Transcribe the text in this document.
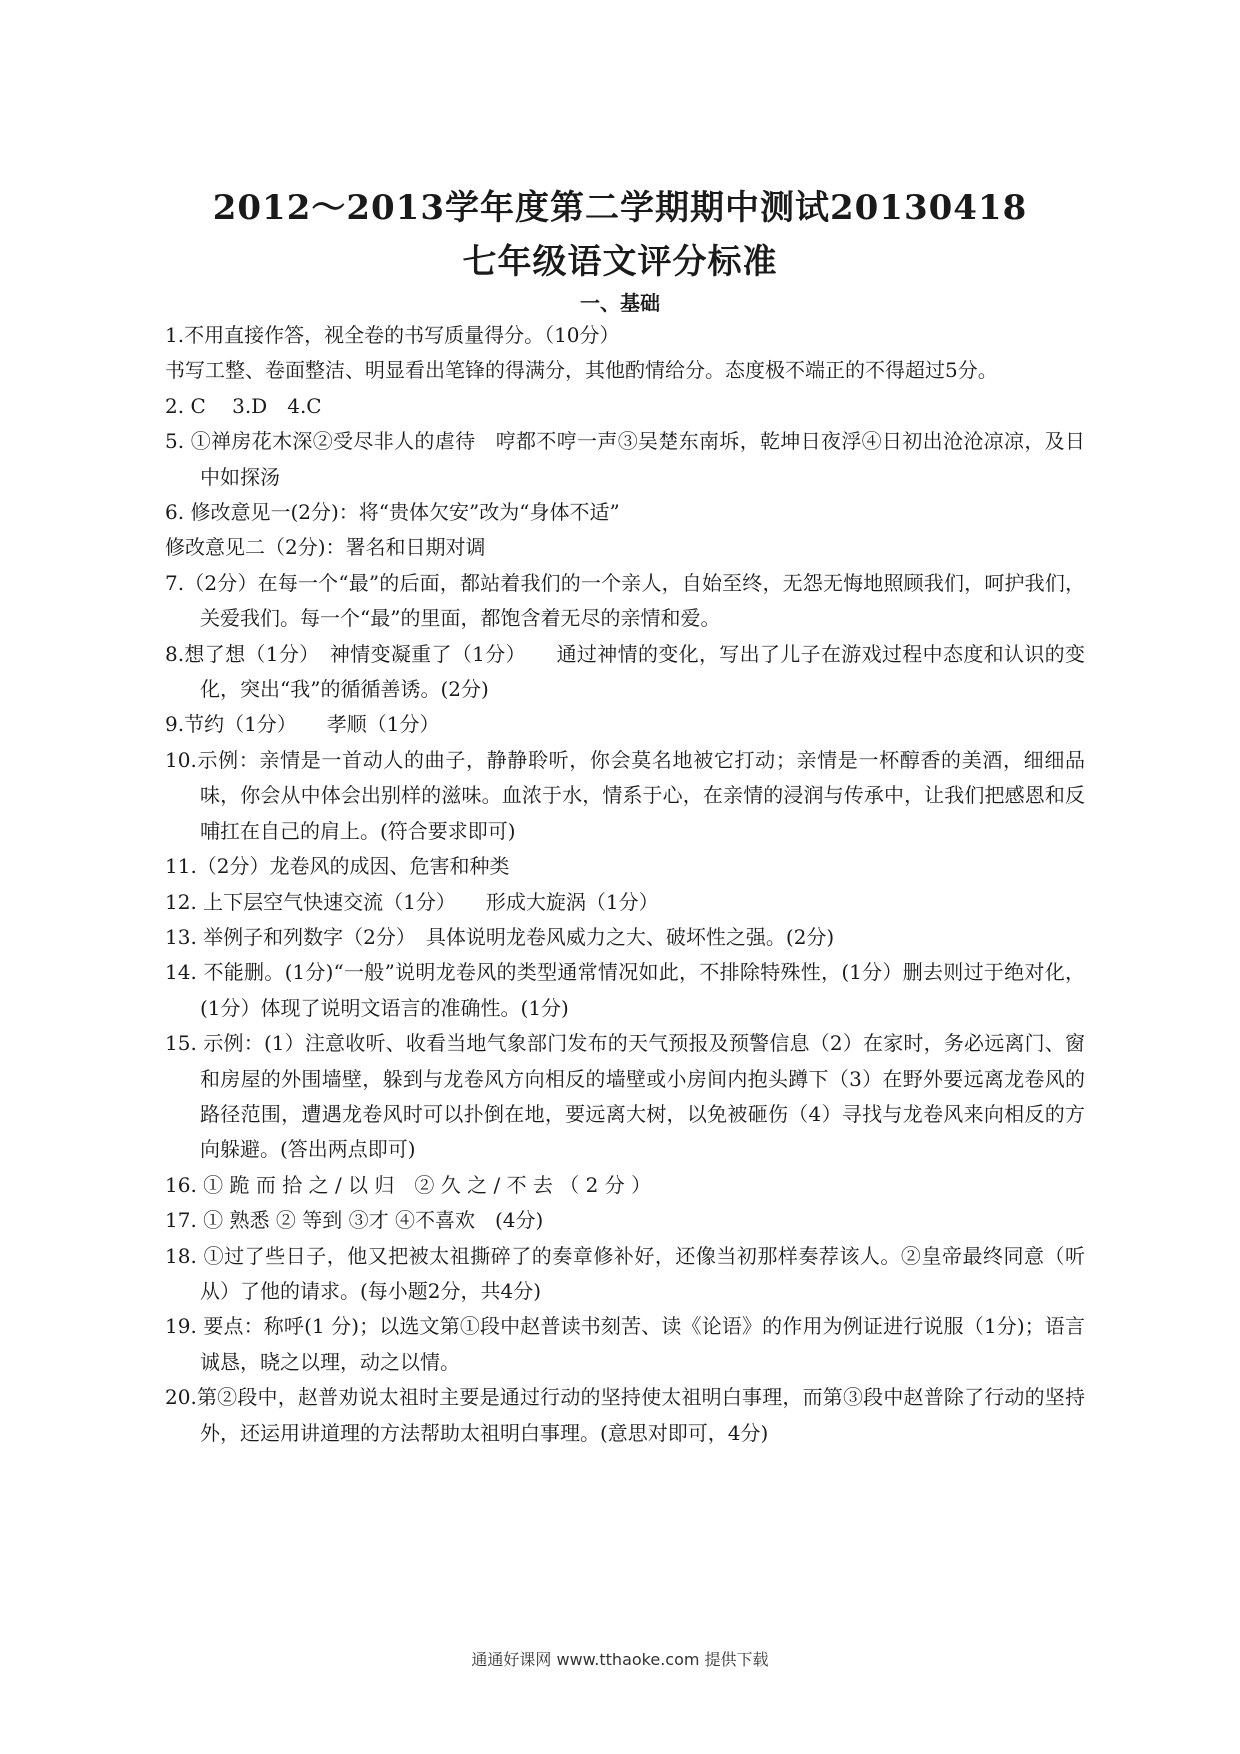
2012～2013学年度第二学期期中测试20130418
七年级语文评分标准
一、基础

1.不用直接作答，视全卷的书写质量得分。（10分）

书写工整、卷面整洁、明显看出笔锋的得满分，其他酌情给分。态度极不端正的不得超过5分。

2. C　 3.D　4.C

5. ①禅房花木深②受尽非人的虐待　哼都不哼一声③吴楚东南坼，乾坤日夜浮④日初出沧沧凉凉，及日中如探汤

6. 修改意见一(2分)：将“贵体欠安”改为“身体不适”

修改意见二（2分)：署名和日期对调

7.（2分）在每一个“最”的后面，都站着我们的一个亲人，自始至终，无怨无悔地照顾我们，呵护我们，关爱我们。每一个“最”的里面，都饱含着无尽的亲情和爱。

8.想了想（1分）　神情变凝重了（1分）　　通过神情的变化，写出了儿子在游戏过程中态度和认识的变化，突出“我”的循循善诱。(2分)

9.节约（1分）　　孝顺（1分）

10.示例：亲情是一首动人的曲子，静静聆听，你会莫名地被它打动；亲情是一杯醇香的美酒，细细品味，你会从中体会出别样的滋味。血浓于水，情系于心，在亲情的浸润与传承中，让我们把感恩和反哺扛在自己的肩上。(符合要求即可)

11.（2分）龙卷风的成因、危害和种类

12. 上下层空气快速交流（1分）　　形成大旋涡（1分）

13. 举例子和列数字（2分）　具体说明龙卷风威力之大、破坏性之强。(2分)

14. 不能删。(1分)“一般”说明龙卷风的类型通常情况如此，不排除特殊性，(1分）删去则过于绝对化，(1分）体现了说明文语言的准确性。(1分)

15. 示例：(1）注意收听、收看当地气象部门发布的天气预报及预警信息（2）在家时，务必远离门、窗和房屋的外围墙壁，躲到与龙卷风方向相反的墙壁或小房间内抱头蹲下（3）在野外要远离龙卷风的路径范围，遭遇龙卷风时可以扑倒在地，要远离大树，以免被砸伤（4）寻找与龙卷风来向相反的方向躲避。(答出两点即可)

16. ① 跪 而 拾 之 / 以 归　② 久 之 / 不 去 （ 2 分 ）

17. ① 熟悉 ② 等到 ③才 ④不喜欢　(4分)

18. ①过了些日子，他又把被太祖撕碎了的奏章修补好，还像当初那样奏荐该人。②皇帝最终同意（听从）了他的请求。(每小题2分，共4分)

19. 要点：称呼(1 分)；以选文第①段中赵普读书刻苦、读《论语》的作用为例证进行说服（1分)；语言诚恳，晓之以理，动之以情。

20.第②段中，赵普劝说太祖时主要是通过行动的坚持使太祖明白事理，而第③段中赵普除了行动的坚持外，还运用讲道理的方法帮助太祖明白事理。(意思对即可，4分)

通通好课网 www.tthaoke.com 提供下载
